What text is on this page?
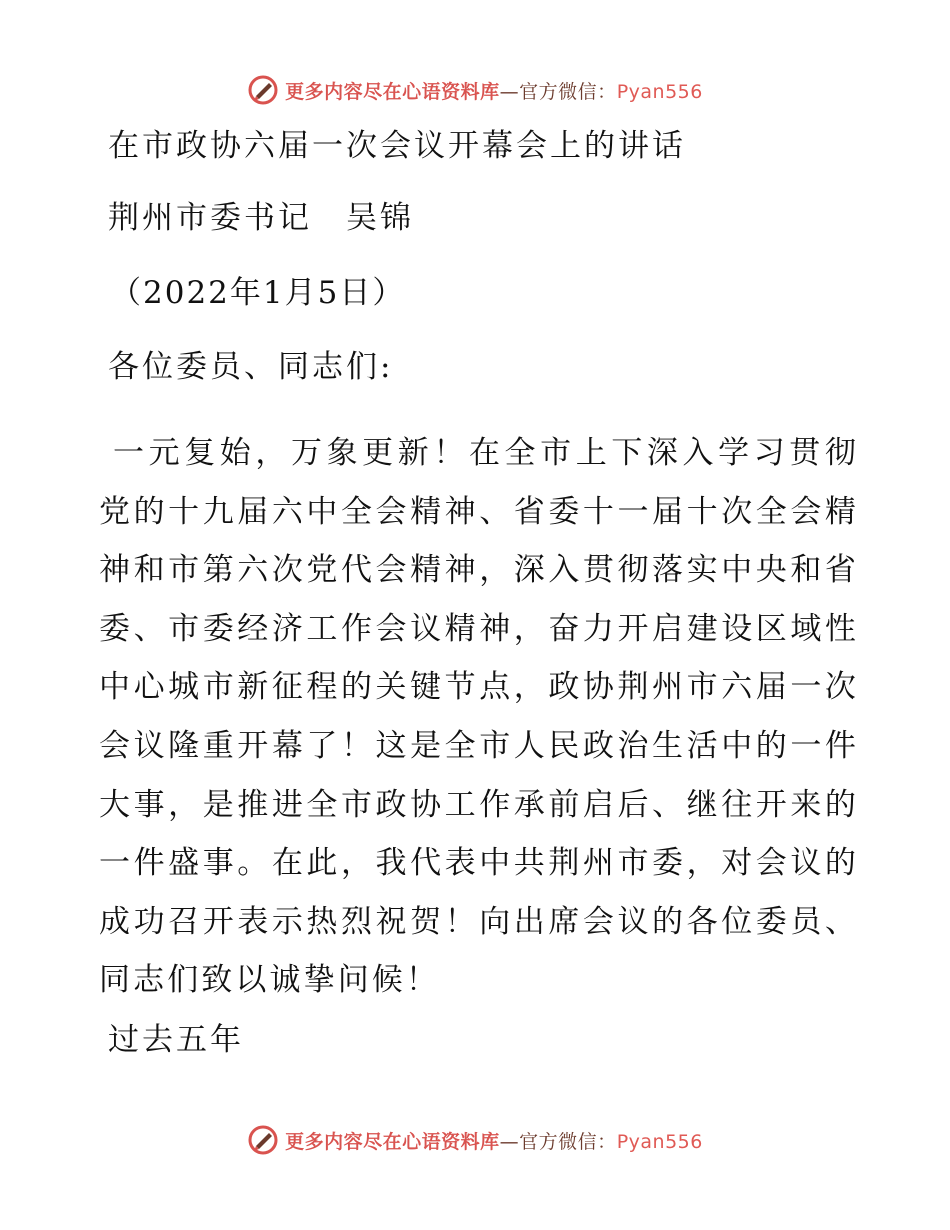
更多内容尽在心语资料库—官方微信：Pyan556
在市政协六届一次会议开幕会上的讲话
荆州市委书记　吴锦
（2022年1月5日）
各位委员、同志们:

一元复始，万象更新！在全市上下深入学习贯彻党的十九届六中全会精神、省委十一届十次全会精神和市第六次党代会精神，深入贯彻落实中央和省委、市委经济工作会议精神，奋力开启建设区域性中心城市新征程的关键节点，政协荆州市六届一次会议隆重开幕了！这是全市人民政治生活中的一件大事，是推进全市政协工作承前启后、继往开来的一件盛事。在此，我代表中共荆州市委，对会议的成功召开表示热烈祝贺！向出席会议的各位委员、同志们致以诚挚问候！

过去五年
更多内容尽在心语资料库—官方微信：Pyan556
